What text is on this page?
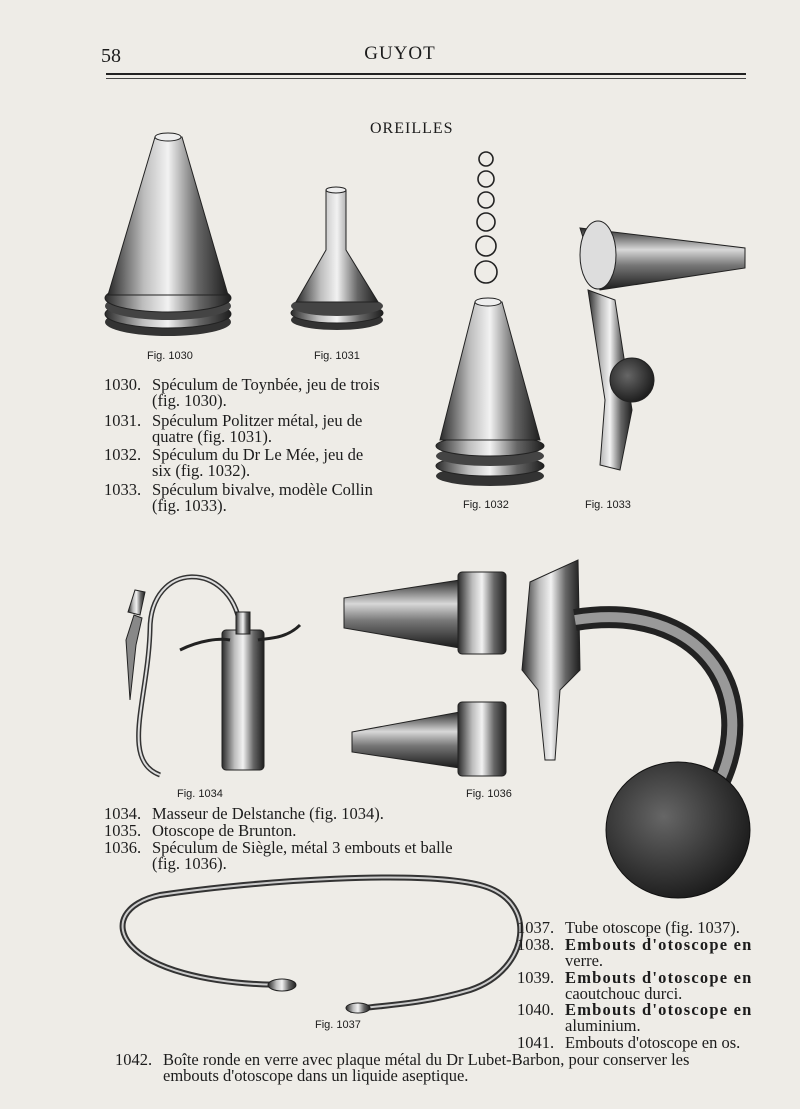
58	GUYOT
OREILLES
Fig. 1030	Fig. 1031
Fig. 1032	Fig. 1033
Fig. 1034	Fig. 1036
Fig. 1037
1030. Spéculum de Toynbée, jeu de trois
(fig. 1030).
1031. Spéculum Politzer métal, jeu de
quatre (fig. 1031).
1032. Spéculum du Dr Le Mée, jeu de
six (fig. 1032).
1033. Spéculum bivalve, modèle Collin
(fig. 1033).
1034. Masseur de Delstanche (fig. 1034).
1035. Otoscope de Brunton.
1036. Spéculum de Siègle, métal 3 embouts et balle
(fig. 1036).
1037. Tube otoscope (fig. 1037).
1038. Embouts d'otoscope en
verre.
1039. Embouts d'otoscope en
caoutchouc durci.
1040. Embouts d'otoscope en
aluminium.
1041. Embouts d'otoscope en os.
1042. Boîte ronde en verre avec plaque métal du Dr Lubet-Barbon, pour conserver les
embouts d'otoscope dans un liquide aseptique.
